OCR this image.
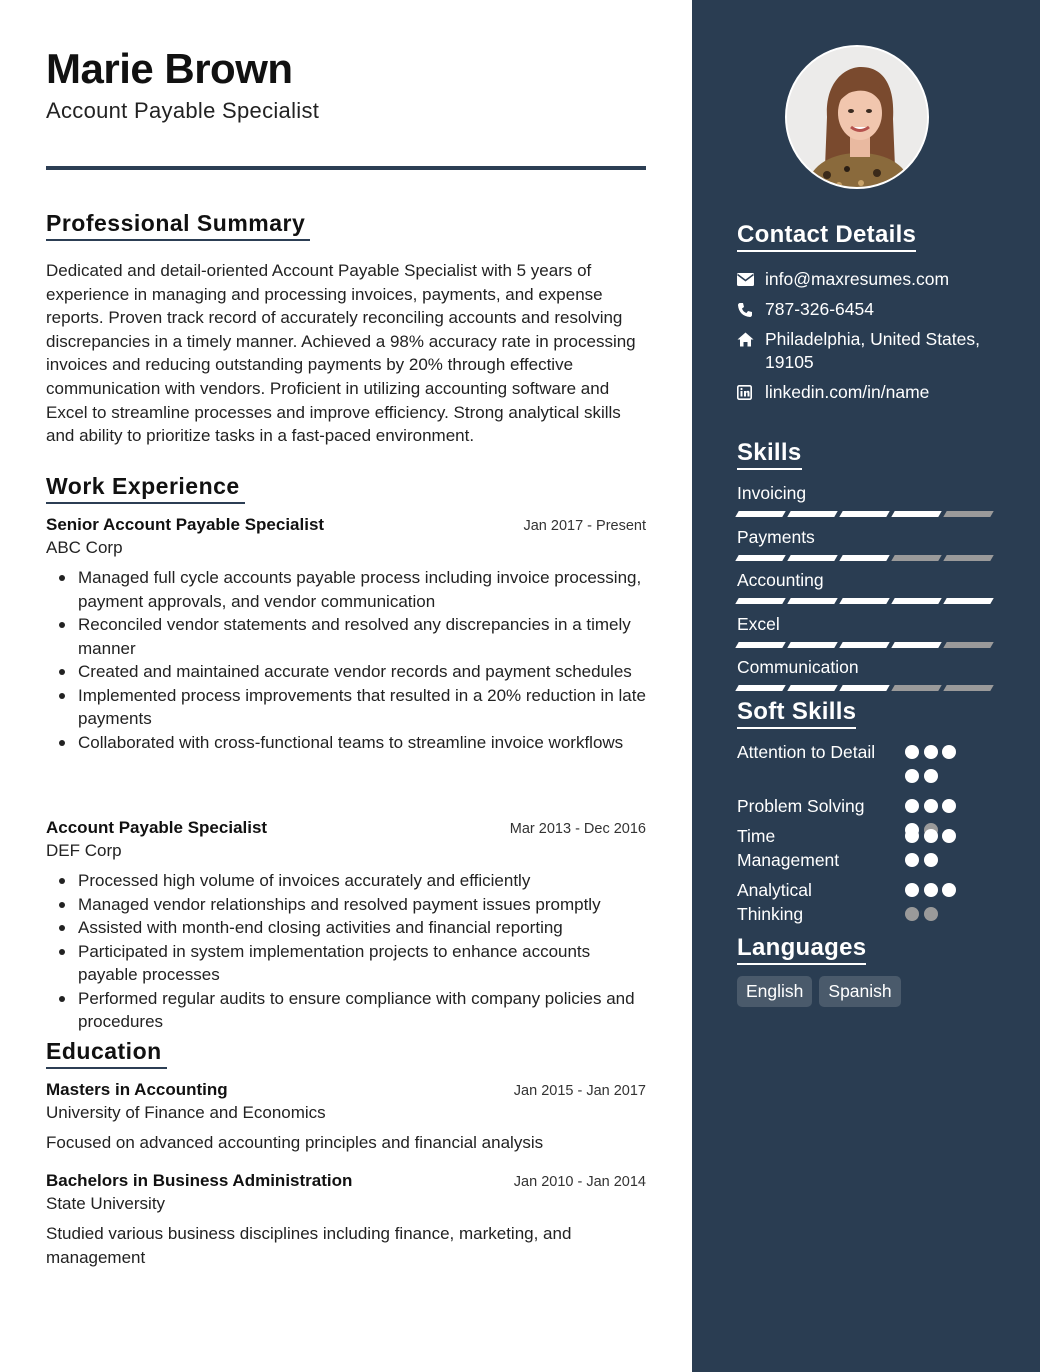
Marie Brown
Account Payable Specialist
Professional Summary

Dedicated and detail-oriented Account Payable Specialist with 5 years of experience in managing and processing invoices, payments, and expense reports. Proven track record of accurately reconciling accounts and resolving discrepancies in a timely manner. Achieved a 98% accuracy rate in processing invoices and reducing outstanding payments by 20% through effective communication with vendors. Proficient in utilizing accounting software and Excel to streamline processes and improve efficiency. Strong analytical skills and ability to prioritize tasks in a fast-paced environment.

Work Experience
Senior Account Payable Specialist	Jan 2017 - Present
ABC Corp
Managed full cycle accounts payable process including invoice processing, payment approvals, and vendor communication
Reconciled vendor statements and resolved any discrepancies in a timely manner
Created and maintained accurate vendor records and payment schedules
Implemented process improvements that resulted in a 20% reduction in late payments
Collaborated with cross-functional teams to streamline invoice workflows
Account Payable Specialist	Mar 2013 - Dec 2016
DEF Corp
Processed high volume of invoices accurately and efficiently
Managed vendor relationships and resolved payment issues promptly
Assisted with month-end closing activities and financial reporting
Participated in system implementation projects to enhance accounts payable processes
Performed regular audits to ensure compliance with company policies and procedures
Education
Masters in Accounting	Jan 2015 - Jan 2017
University of Finance and Economics
Focused on advanced accounting principles and financial analysis
Bachelors in Business Administration	Jan 2010 - Jan 2014
State University
Studied various business disciplines including finance, marketing, and management
Contact Details
info@maxresumes.com
787-326-6454
Philadelphia, United States, 19105
linkedin.com/in/name
Skills
Invoicing
Payments
Accounting
Excel
Communication
Soft Skills
Attention to Detail
Problem Solving
Time Management
Analytical Thinking
Languages
English	Spanish
